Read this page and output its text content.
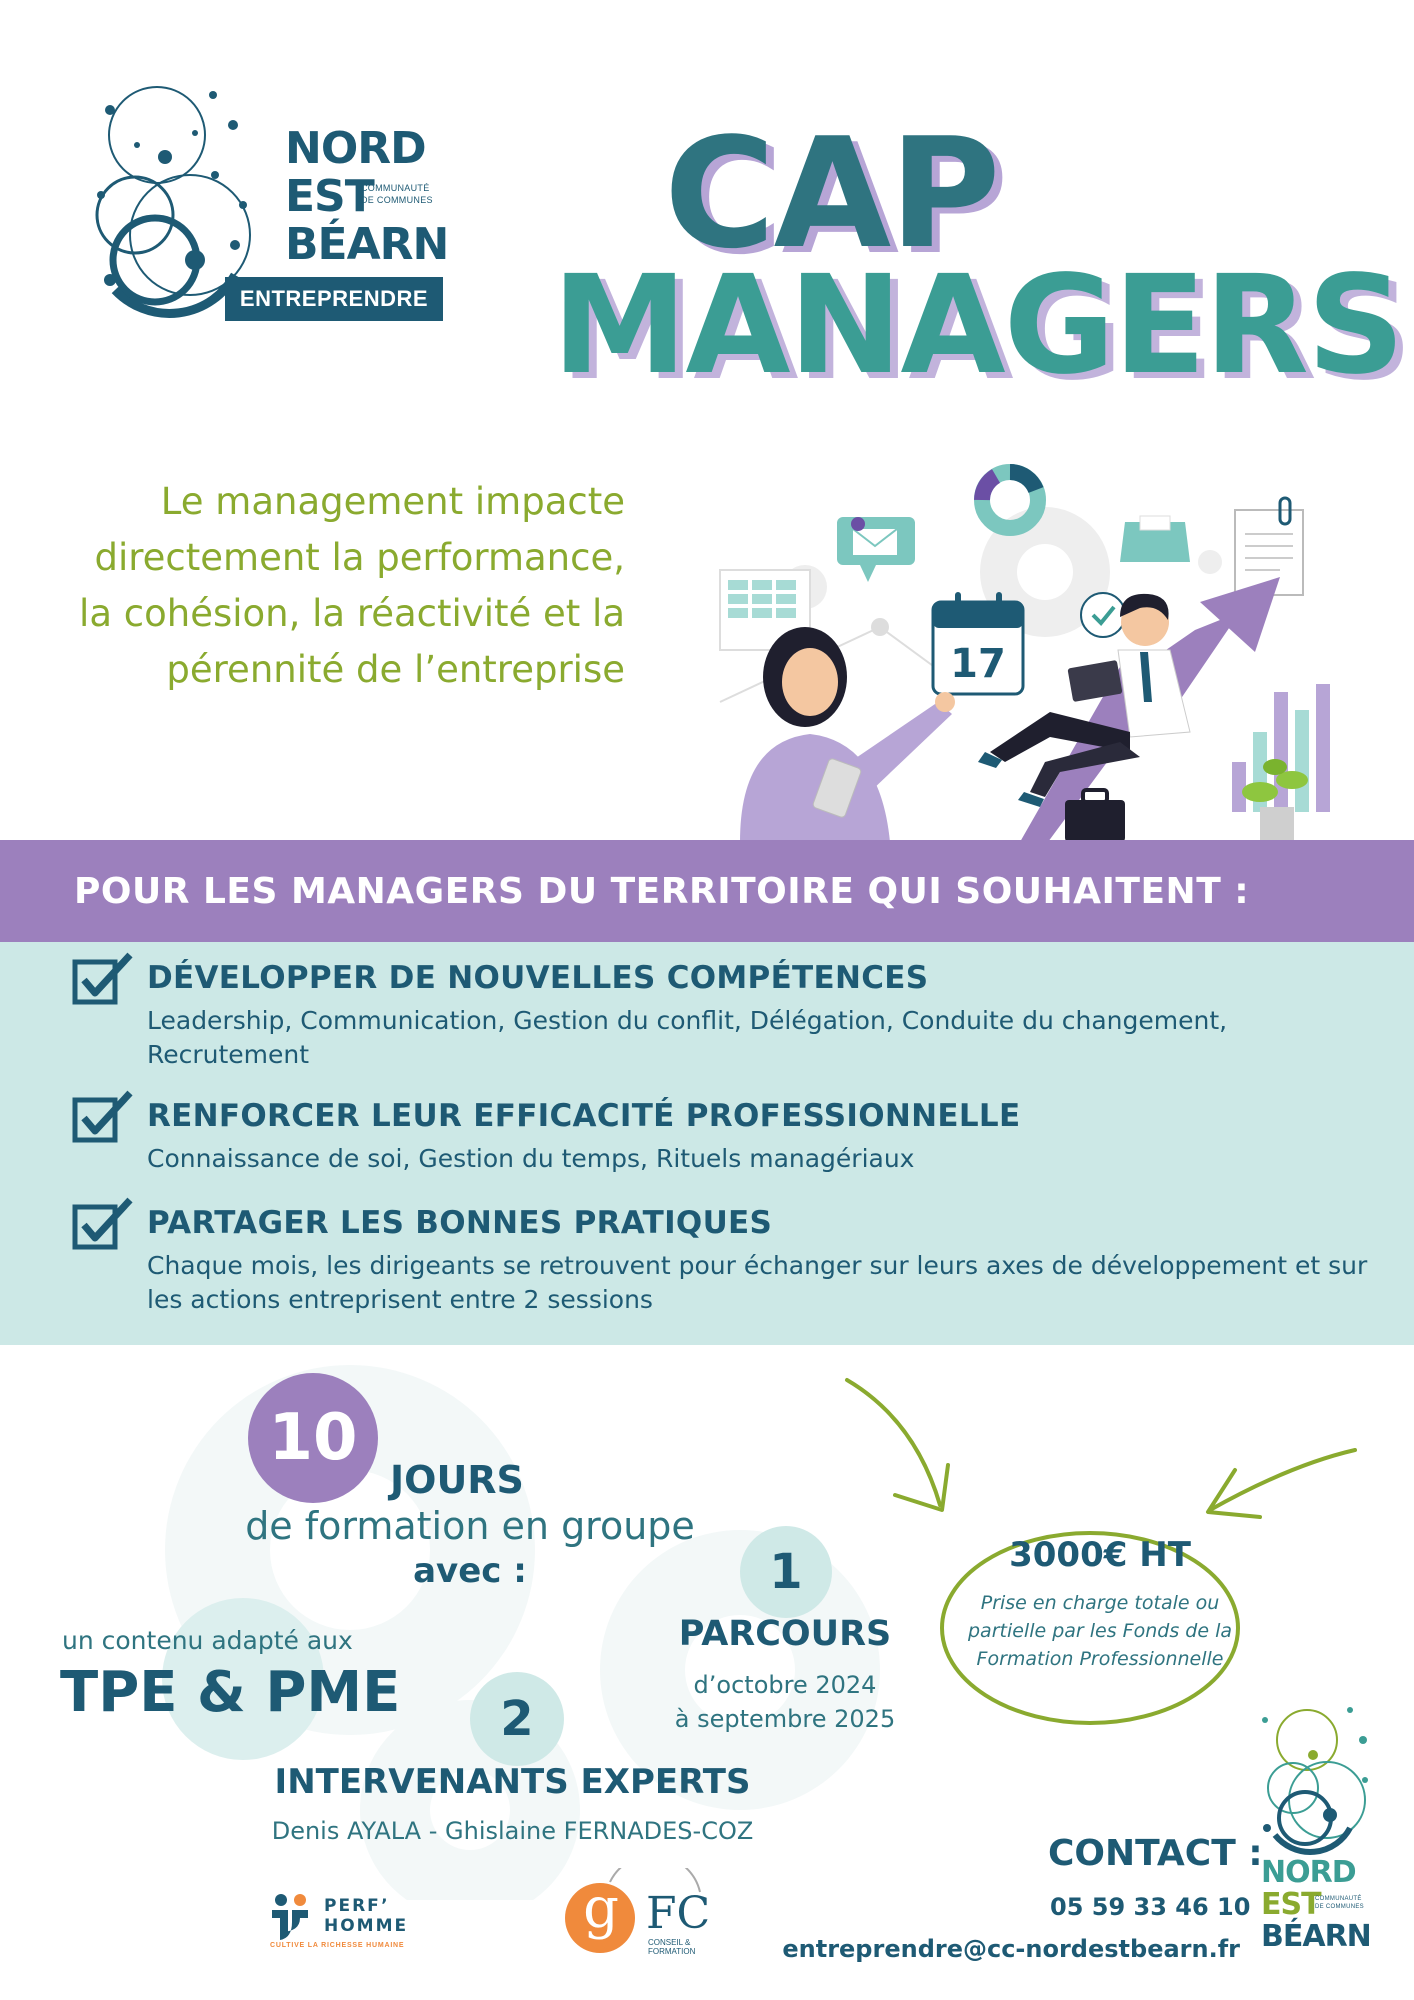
NORD
EST
COMMUNAUTÉ
DE COMMUNES
BÉARN
ENTREPRENDRE
CAP
MANAGERS
Le management impacte directement la performance, la cohésion, la réactivité et la pérennité de l’entreprise	17
POUR LES MANAGERS DU TERRITOIRE QUI SOUHAITENT :
DÉVELOPPER DE NOUVELLES COMPÉTENCES
Leadership, Communication, Gestion du conflit, Délégation, Conduite du changement, Recrutement
RENFORCER LEUR EFFICACITÉ PROFESSIONNELLE
Connaissance de soi, Gestion du temps, Rituels managériaux
PARTAGER LES BONNES PRATIQUES
Chaque mois, les dirigeants se retrouvent pour échanger sur leurs axes de développement et sur les actions entreprisent entre 2 sessions
10
JOURS
de formation en groupe
avec :
un contenu adapté aux
TPE & PME
1
PARCOURS
d’octobre 2024
à septembre 2025
2
INTERVENANTS EXPERTS
Denis AYALA - Ghislaine FERNADES-COZ
3000€ HT
Prise en charge totale ou partielle par les Fonds de la Formation Professionnelle
CONTACT :
05 59 33 46 10
entreprendre@cc-nordestbearn.fr
NORD
EST
COMMUNAUTÉ
DE COMMUNES
BÉARN
PERF’
HOMME
CULTIVE LA RICHESSE HUMAINE
g FC
CONSEIL &
FORMATION
